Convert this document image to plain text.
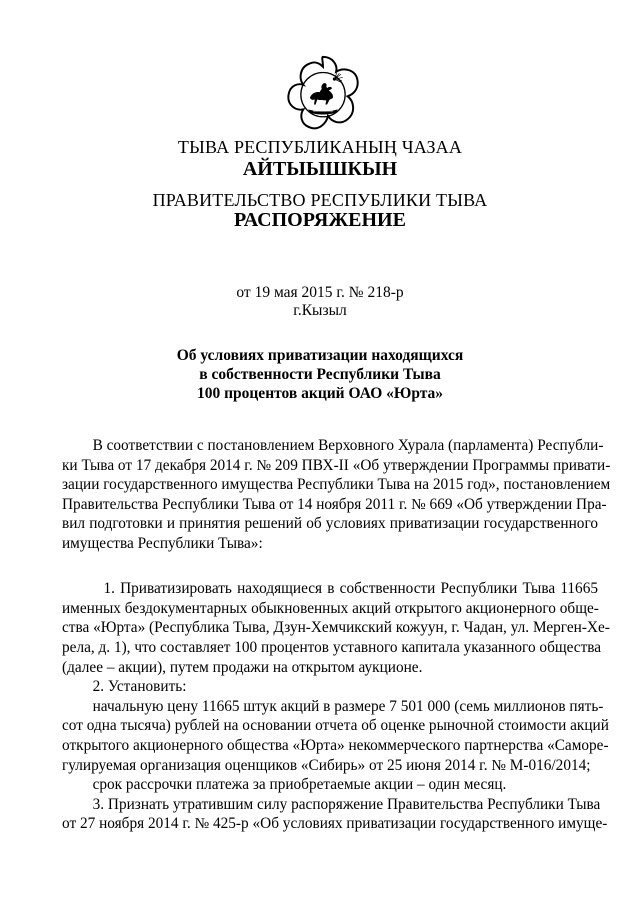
ТЫВА РЕСПУБЛИКАНЫҢ ЧАЗАА
АЙТЫЫШКЫН
ПРАВИТЕЛЬСТВО РЕСПУБЛИКИ ТЫВА
РАСПОРЯЖЕНИЕ
от 19 мая 2015 г. № 218-р
г.Кызыл
Об условиях приватизации находящихся
в собственности Республики Тыва
100 процентов акций ОАО «Юрта»
В соответствии с постановлением Верховного Хурала (парламента) Республи-
ки Тыва от 17 декабря 2014 г. № 209 ПВХ-II «Об утверждении Программы привати-
зации государственного имущества Республики Тыва на 2015 год», постановлением
Правительства Республики Тыва от 14 ноября 2011 г. № 669 «Об утверждении Пра-
вил подготовки и принятия решений об условиях приватизации государственного
имущества Республики Тыва»:
1. Приватизировать находящиеся в собственности Республики Тыва 11665
именных бездокументарных обыкновенных акций открытого акционерного обще-
ства «Юрта» (Республика Тыва, Дзун-Хемчикский кожуун, г. Чадан, ул. Мерген-Хе-
рела, д. 1), что составляет 100 процентов уставного капитала указанного общества
(далее – акции), путем продажи на открытом аукционе.
2. Установить:
начальную цену 11665 штук акций в размере 7 501 000 (семь миллионов пять-
сот одна тысяча) рублей на основании отчета об оценке рыночной стоимости акций
открытого акционерного общества «Юрта» некоммерческого партнерства «Саморе-
гулируемая организация оценщиков «Сибирь» от 25 июня 2014 г. № М-016/2014;
срок рассрочки платежа за приобретаемые акции – один месяц.
3. Признать утратившим силу распоряжение Правительства Республики Тыва
от 27 ноября 2014 г. № 425-р «Об условиях приватизации государственного имуще-
